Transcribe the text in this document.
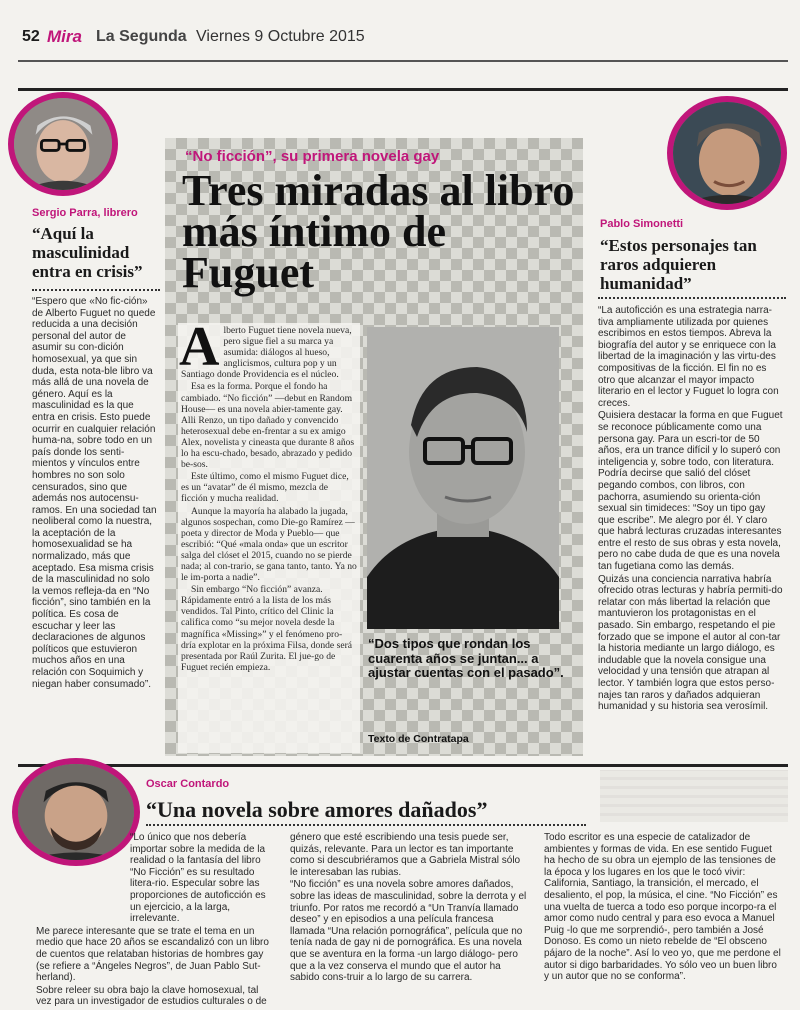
52 Mira La Segunda Viernes 9 Octubre 2015
Sergio Parra, librero
“Aquí la masculinidad entra en crisis”

“Espero que «No fic-ción» de Alberto Fuguet no quede reducida a una decisión personal del autor de asumir su con-dición homosexual, ya que sin duda, esta nota-ble libro va más allá de una novela de género. Aquí es la masculinidad es la que entra en crisis. Esto puede ocurrir en cualquier relación huma-na, sobre todo en un país donde los senti-mientos y vínculos entre hombres no son solo censurados, sino que además nos autocensu-ramos. En una sociedad tan neoliberal como la nuestra, la aceptación de la homosexualidad se ha normalizado, más que aceptado. Esa misma crisis de la masculinidad no solo la vemos refleja-da en “No ficción”, sino también en la política. Es cosa de escuchar y leer las declaraciones de algunos políticos que estuvieron muchos años en una relación con Soquimich y niegan haber consumado”.

“No ficción”, su primera novela gay
Tres miradas al libro más íntimo de Fuguet

Alberto Fuguet tiene novela nueva, pero sigue fiel a su marca ya asumida: diálogos al hueso, anglicismos, cultura pop y un Santiago donde Providencia es el núcleo.

Esa es la forma. Porque el fondo ha cambiado. “No ficción” —debut en Random House— es una novela abier-tamente gay. Alli Renzo, un tipo dañado y convencido heterosexual debe en-frentar a su ex amigo Alex, novelista y cineasta que durante 8 años lo ha escu-chado, besado, abrazado y pedido be-sos.

Este último, como el mismo Fuguet dice, es un “avatar” de él mismo, mezcla de ficción y mucha realidad.

Aunque la mayoría ha alabado la jugada, algunos sospechan, como Die-go Ramírez —poeta y director de Moda y Pueblo— que escribió: “Qué «mala onda» que un escritor salga del clóset el 2015, cuando no se pierde nada; al con-trario, se gana tanto, tanto. Ya no le im-porta a nadie”.

Sin embargo “No ficción” avanza. Rápidamente entró a la lista de los más vendidos. Tal Pinto, crítico del Clinic la califica como “su mejor novela desde la magnífica «Missing»” y el fenómeno pro-dría explotar en la próxima Filsa, donde será presentada por Raúl Zurita. El jue-go de Fuguet recién empieza.

“Dos tipos que rondan los cuarenta años se juntan... a ajustar cuentas con el pasado”.
Texto de Contratapa
Pablo Simonetti
“Estos personajes tan raros adquieren humanidad”

“La autoficción es una estrategia narra-tiva ampliamente utilizada por quienes escribimos en estos tiempos. Abreva la biografía del autor y se enriquece con la libertad de la imaginación y las virtu-des compositivas de la ficción. El fin no es otro que alcanzar el mayor impacto literario en el lector y Fuguet lo logra con creces.

Quisiera destacar la forma en que Fuguet se reconoce públicamente como una persona gay. Para un escri-tor de 50 años, era un trance difícil y lo superó con inteligencia y, sobre todo, con literatura. Podría decirse que salió del clóset pegando combos, con libros, con pachorra, asumiendo su orienta-ción sexual sin timideces: “Soy un tipo gay que escribe”. Me alegro por él. Y claro que habrá lecturas cruzadas interesantes entre el resto de sus obras y esta novela, pero no cabe duda de que es una novela tan fugetiana como las demás.

Quizás una conciencia narrativa habría ofrecido otras lecturas y habría permiti-do relatar con más libertad la relación que mantuvieron los protagonistas en el pasado. Sin embargo, respetando el pie forzado que se impone el autor al con-tar la historia mediante un largo diálogo, es indudable que la novela consigue una velocidad y una tensión que atrapan al lector. Y también logra que estos perso-najes tan raros y dañados adquieran humanidad y su historia sea verosímil.

Oscar Contardo
“Una novela sobre amores dañados”

“Lo único que nos debería importar sobre la medida de la realidad o la fantasía del libro “No Ficción” es su resultado litera-rio. Especular sobre las proporciones de autoficción es un ejercicio, a la larga, irrelevante.

Me parece interesante que se trate el tema en un medio que hace 20 años se escandalizó con un libro de cuentos que relataban historias de hombres gay (se refiere a “Ángeles Negros”, de Juan Pablo Sut-herland).

Sobre releer su obra bajo la clave homosexual, tal vez para un investigador de estudios culturales o de

género que esté escribiendo una tesis puede ser, quizás, relevante. Para un lector es tan importante como si descubriéramos que a Gabriela Mistral sólo le interesaban las rubias.

“No ficción” es una novela sobre amores dañados, sobre las ideas de masculinidad, sobre la derrota y el triunfo. Por ratos me recordó a “Un Tranvía llamado deseo” y en episodios a una película francesa llamada “Una relación pornográfica”, película que no tenía nada de gay ni de pornográfica. Es una novela que se aventura en la forma -un largo diálogo- pero que a la vez conserva el mundo que el autor ha sabido cons-truir a lo largo de su carrera.

Todo escritor es una especie de catalizador de ambientes y formas de vida. En ese sentido Fuguet ha hecho de su obra un ejemplo de las tensiones de la época y los lugares en los que le tocó vivir: California, Santiago, la transición, el mercado, el desaliento, el pop, la música, el cine. “No Ficción” es una vuelta de tuerca a todo eso porque incorpo-ra el amor como nudo central y para eso evoca a Manuel Puig -lo que me sorprendió-, pero también a José Donoso. Es como un nieto rebelde de “El obsceno pájaro de la noche”. Así lo veo yo, que me perdone el autor si digo barbaridades. Yo sólo veo un buen libro y un autor que no se conforma”.
